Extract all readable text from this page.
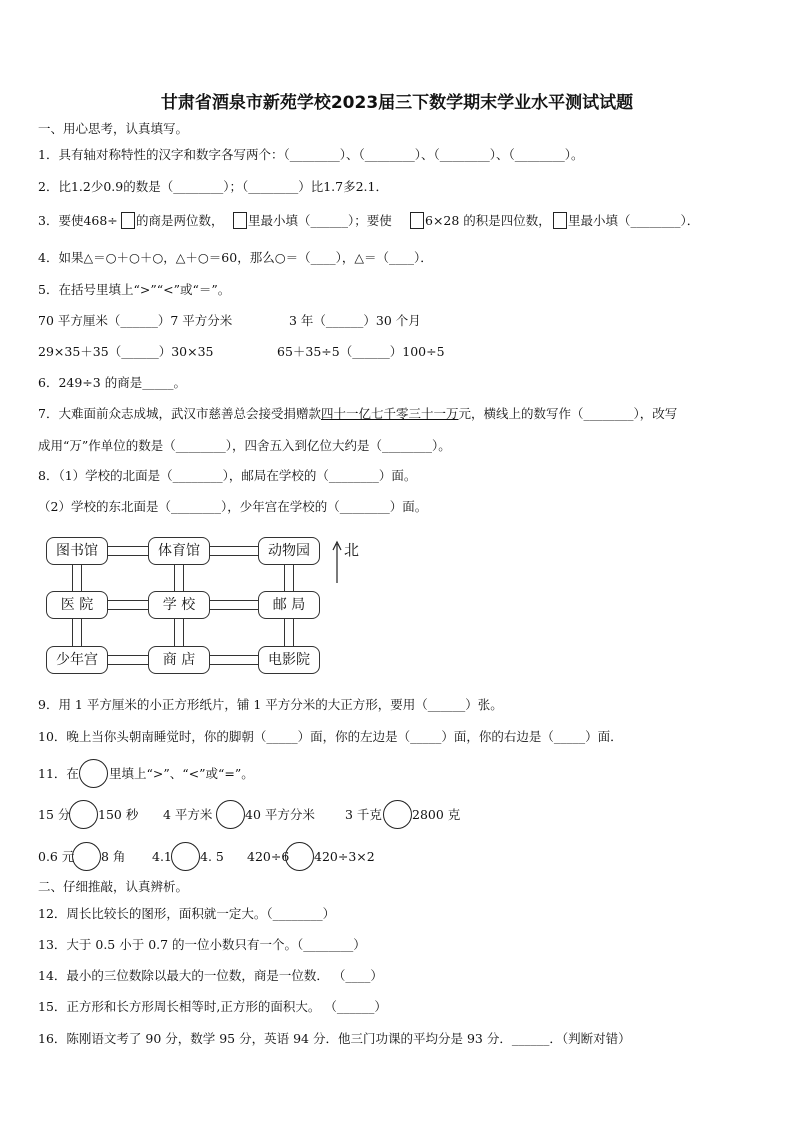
甘肃省酒泉市新苑学校2023届三下数学期末学业水平测试试题
一、用心思考，认真填写。
1．具有轴对称特性的汉字和数字各写两个：（________）、（________）、（________）、（________）。
2．比1.2少0.9的数是（________）；（________）比1.7多2.1．
3．要使468÷ 的商是两位数， 里最小填（______）；要使	6×28 的积是四位数， 里最小填（________）．
4．如果△＝○＋○＋○，△＋○＝60，那么○＝（____），△＝（____）．
5．在括号里填上“>”“<”或“＝”。
70 平方厘米（______）7 平方分米	3 年（______）30 个月
29×35＋35（______）30×35	65＋35÷5（______）100÷5
6．249÷3 的商是_____。
7．大难面前众志成城，武汉市慈善总会接受捐赠款四十一亿七千零三十一万元，横线上的数写作（________），改写
成用“万”作单位的数是（________），四舍五入到亿位大约是（________）。
8．（1）学校的北面是（________），邮局在学校的（________）面。
（2）学校的东北面是（________），少年宫在学校的（________）面。
图书馆	体育馆	动物园
医 院	学 校	邮 局
少年宫	商 店	电影院
北
9．用 1 平方厘米的小正方形纸片，铺 1 平方分米的大正方形，要用（______）张。
10．晚上当你头朝南睡觉时，你的脚朝（_____）面，你的左边是（_____）面，你的右边是（_____）面．
11．在 里填上“>”、“<”或“=”。
15 分 150 秒 4 平方米	40 平方分米 3 千克 2800 克
0.6 元 8 角 4.1 4. 5 420÷6 420÷3×2
二、仔细推敲，认真辨析。
12．周长比较长的图形，面积就一定大。（________）
13．大于 0.5 小于 0.7 的一位小数只有一个。（________）
14．最小的三位数除以最大的一位数，商是一位数． （____）
15．正方形和长方形周长相等时,正方形的面积大。 （______）
16．陈刚语文考了 90 分，数学 95 分，英语 94 分．他三门功课的平均分是 93 分．______．（判断对错）
